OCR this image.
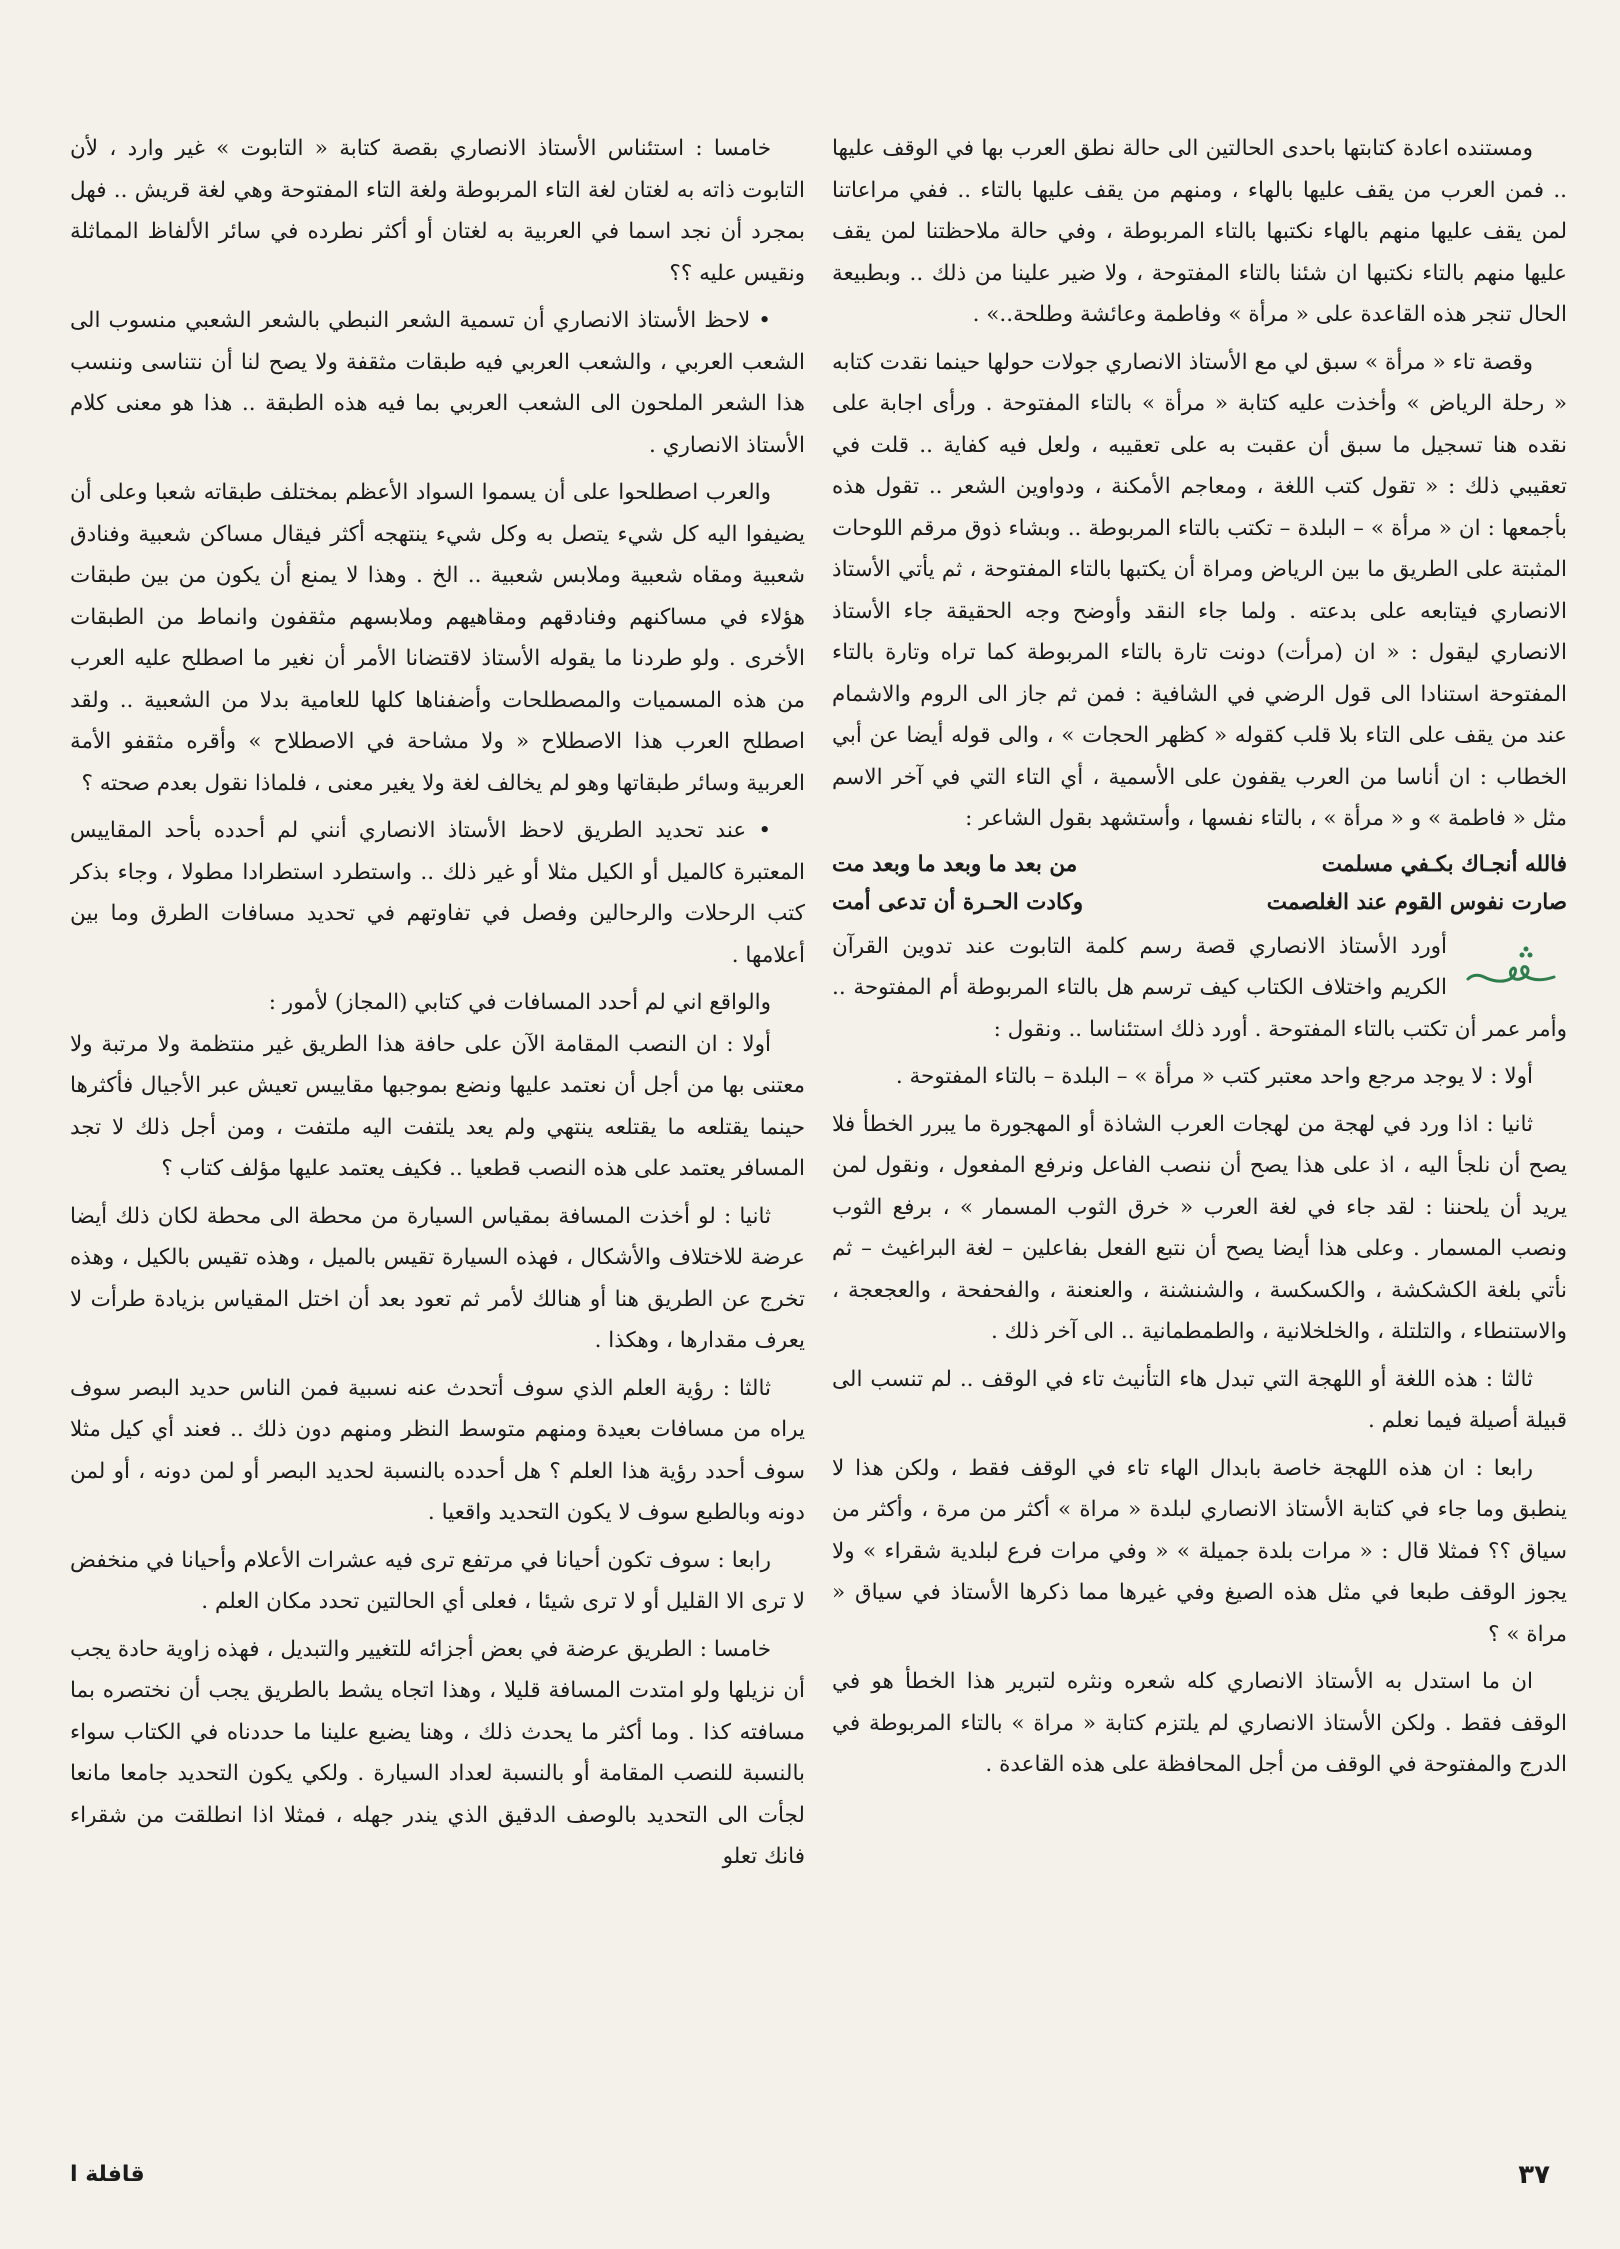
ومستنده اعادة كتابتها باحدى الحالتين الى حالة نطق العرب بها في الوقف عليها .. فمن العرب من يقف عليها بالهاء ، ومنهم من يقف عليها بالتاء .. ففي مراعاتنا لمن يقف عليها منهم بالهاء نكتبها بالتاء المربوطة ، وفي حالة ملاحظتنا لمن يقف عليها منهم بالتاء نكتبها ان شئنا بالتاء المفتوحة ، ولا ضير علينا من ذلك .. وبطبيعة الحال تنجر هذه القاعدة على « مرأة » وفاطمة وعائشة وطلحة..» .

وقصة تاء « مرأة » سبق لي مع الأستاذ الانصاري جولات حولها حينما نقدت كتابه « رحلة الرياض » وأخذت عليه كتابة « مرأة » بالتاء المفتوحة . ورأى اجابة على نقده هنا تسجيل ما سبق أن عقبت به على تعقيبه ، ولعل فيه كفاية .. قلت في تعقيبي ذلك : « تقول كتب اللغة ، ومعاجم الأمكنة ، ودواوين الشعر .. تقول هذه بأجمعها : ان « مرأة » – البلدة – تكتب بالتاء المربوطة .. وبشاء ذوق مرقم اللوحات المثبتة على الطريق ما بين الرياض ومراة أن يكتبها بالتاء المفتوحة ، ثم يأتي الأستاذ الانصاري فيتابعه على بدعته . ولما جاء النقد وأوضح وجه الحقيقة جاء الأستاذ الانصاري ليقول : « ان (مرأت) دونت تارة بالتاء المربوطة كما تراه وتارة بالتاء المفتوحة استنادا الى قول الرضي في الشافية : فمن ثم جاز الى الروم والاشمام عند من يقف على التاء بلا قلب كقوله « كظهر الحجات » ، والى قوله أيضا عن أبي الخطاب : ان أناسا من العرب يقفون على الأسمية ، أي التاء التي في آخر الاسم مثل « فاطمة » و « مرأة » ، بالتاء نفسها ، وأستشهد بقول الشاعر :

فالله أنجـاك بكـفي مسلمت
من بعد ما وبعد ما وبعد مت
صارت نفوس القوم عند الغلصمت
وكادت الحـرة أن تدعى أمت

أورد الأستاذ الانصاري قصة رسم كلمة التابوت عند تدوين القرآن الكريم واختلاف الكتاب كيف ترسم هل بالتاء المربوطة أم المفتوحة .. وأمر عمر أن تكتب بالتاء المفتوحة . أورد ذلك استئناسا .. ونقول :

أولا : لا يوجد مرجع واحد معتبر كتب « مرأة » – البلدة – بالتاء المفتوحة .

ثانيا : اذا ورد في لهجة من لهجات العرب الشاذة أو المهجورة ما يبرر الخطأ فلا يصح أن نلجأ اليه ، اذ على هذا يصح أن ننصب الفاعل ونرفع المفعول ، ونقول لمن يريد أن يلحننا : لقد جاء في لغة العرب « خرق الثوب المسمار » ، برفع الثوب ونصب المسمار . وعلى هذا أيضا يصح أن نتبع الفعل بفاعلين – لغة البراغيث – ثم نأتي بلغة الكشكشة ، والكسكسة ، والشنشنة ، والعنعنة ، والفحفحة ، والعجعجة ، والاستنطاء ، والتلتلة ، والخلخلانية ، والطمطمانية .. الى آخر ذلك .

ثالثا : هذه اللغة أو اللهجة التي تبدل هاء التأنيث تاء في الوقف .. لم تنسب الى قبيلة أصيلة فيما نعلم .

رابعا : ان هذه اللهجة خاصة بابدال الهاء تاء في الوقف فقط ، ولكن هذا لا ينطبق وما جاء في كتابة الأستاذ الانصاري لبلدة « مراة » أكثر من مرة ، وأكثر من سياق ؟؟ فمثلا قال : « مرات بلدة جميلة » « وفي مرات فرع لبلدية شقراء » ولا يجوز الوقف طبعا في مثل هذه الصيغ وفي غيرها مما ذكرها الأستاذ في سياق « مراة » ؟

ان ما استدل به الأستاذ الانصاري كله شعره ونثره لتبرير هذا الخطأ هو في الوقف فقط . ولكن الأستاذ الانصاري لم يلتزم كتابة « مراة » بالتاء المربوطة في الدرج والمفتوحة في الوقف من أجل المحافظة على هذه القاعدة .

خامسا : استئناس الأستاذ الانصاري بقصة كتابة « التابوت » غير وارد ، لأن التابوت ذاته به لغتان لغة التاء المربوطة ولغة التاء المفتوحة وهي لغة قريش .. فهل بمجرد أن نجد اسما في العربية به لغتان أو أكثر نطرده في سائر الألفاظ المماثلة ونقيس عليه ؟؟

• لاحظ الأستاذ الانصاري أن تسمية الشعر النبطي بالشعر الشعبي منسوب الى الشعب العربي ، والشعب العربي فيه طبقات مثقفة ولا يصح لنا أن نتناسى وننسب هذا الشعر الملحون الى الشعب العربي بما فيه هذه الطبقة .. هذا هو معنى كلام الأستاذ الانصاري .

والعرب اصطلحوا على أن يسموا السواد الأعظم بمختلف طبقاته شعبا وعلى أن يضيفوا اليه كل شيء يتصل به وكل شيء ينتهجه أكثر فيقال مساكن شعبية وفنادق شعبية ومقاه شعبية وملابس شعبية .. الخ . وهذا لا يمنع أن يكون من بين طبقات هؤلاء في مساكنهم وفنادقهم ومقاهيهم وملابسهم مثقفون وانماط من الطبقات الأخرى . ولو طردنا ما يقوله الأستاذ لاقتضانا الأمر أن نغير ما اصطلح عليه العرب من هذه المسميات والمصطلحات وأضفناها كلها للعامية بدلا من الشعبية .. ولقد اصطلح العرب هذا الاصطلاح « ولا مشاحة في الاصطلاح » وأقره مثقفو الأمة العربية وسائر طبقاتها وهو لم يخالف لغة ولا يغير معنى ، فلماذا نقول بعدم صحته ؟

• عند تحديد الطريق لاحظ الأستاذ الانصاري أنني لم أحدده بأحد المقاييس المعتبرة كالميل أو الكيل مثلا أو غير ذلك .. واستطرد استطرادا مطولا ، وجاء بذكر كتب الرحلات والرحالين وفصل في تفاوتهم في تحديد مسافات الطرق وما بين أعلامها .

والواقع اني لم أحدد المسافات في كتابي (المجاز) لأمور :

أولا : ان النصب المقامة الآن على حافة هذا الطريق غير منتظمة ولا مرتبة ولا معتنى بها من أجل أن نعتمد عليها ونضع بموجبها مقاييس تعيش عبر الأجيال فأكثرها حينما يقتلعه ما يقتلعه ينتهي ولم يعد يلتفت اليه ملتفت ، ومن أجل ذلك لا تجد المسافر يعتمد على هذه النصب قطعيا .. فكيف يعتمد عليها مؤلف كتاب ؟

ثانيا : لو أخذت المسافة بمقياس السيارة من محطة الى محطة لكان ذلك أيضا عرضة للاختلاف والأشكال ، فهذه السيارة تقيس بالميل ، وهذه تقيس بالكيل ، وهذه تخرج عن الطريق هنا أو هنالك لأمر ثم تعود بعد أن اختل المقياس بزيادة طرأت لا يعرف مقدارها ، وهكذا .

ثالثا : رؤية العلم الذي سوف أتحدث عنه نسبية فمن الناس حديد البصر سوف يراه من مسافات بعيدة ومنهم متوسط النظر ومنهم دون ذلك .. فعند أي كيل مثلا سوف أحدد رؤية هذا العلم ؟ هل أحدده بالنسبة لحديد البصر أو لمن دونه ، أو لمن دونه وبالطبع سوف لا يكون التحديد واقعيا .

رابعا : سوف تكون أحيانا في مرتفع ترى فيه عشرات الأعلام وأحيانا في منخفض لا ترى الا القليل أو لا ترى شيئا ، فعلى أي الحالتين تحدد مكان العلم .

خامسا : الطريق عرضة في بعض أجزائه للتغيير والتبديل ، فهذه زاوية حادة يجب أن نزيلها ولو امتدت المسافة قليلا ، وهذا اتجاه يشط بالطريق يجب أن نختصره بما مسافته كذا . وما أكثر ما يحدث ذلك ، وهنا يضيع علينا ما حددناه في الكتاب سواء بالنسبة للنصب المقامة أو بالنسبة لعداد السيارة . ولكي يكون التحديد جامعا مانعا لجأت الى التحديد بالوصف الدقيق الذي يندر جهله ، فمثلا اذا انطلقت من شقراء فانك تعلو

٣٧
قافلة ا
